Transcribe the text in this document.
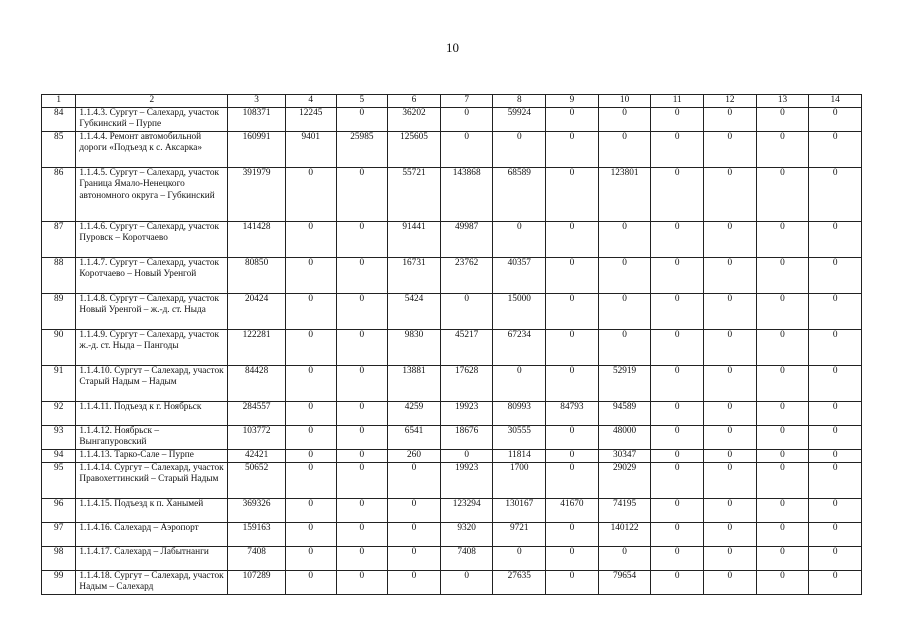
10
1	2	3	4	5	6	7	8	9	10	11	12	13	14
84	1.1.4.3. Сургут – Салехард, участок Губкинский – Пурпе	108371	12245	0	36202	0	59924	0	0	0	0	0	0
85	1.1.4.4. Ремонт автомобильной дороги «Подъезд к с. Аксарка»	160991	9401	25985	125605	0	0	0	0	0	0	0	0
86	1.1.4.5. Сургут – Салехард, участок Граница Ямало-Ненецкого автономного округа – Губкинский	391979	0	0	55721	143868	68589	0	123801	0	0	0	0
87	1.1.4.6. Сургут – Салехард, участок Пуровск – Коротчаево	141428	0	0	91441	49987	0	0	0	0	0	0	0
88	1.1.4.7. Сургут – Салехард, участок Коротчаево – Новый Уренгой	80850	0	0	16731	23762	40357	0	0	0	0	0	0
89	1.1.4.8. Сургут – Салехард, участок Новый Уренгой – ж.-д. ст. Ныда	20424	0	0	5424	0	15000	0	0	0	0	0	0
90	1.1.4.9. Сургут – Салехард, участок ж.-д. ст. Ныда – Пангоды	122281	0	0	9830	45217	67234	0	0	0	0	0	0
91	1.1.4.10. Сургут – Салехард, участок Старый Надым – Надым	84428	0	0	13881	17628	0	0	52919	0	0	0	0
92	1.1.4.11. Подъезд к г. Ноябрьск	284557	0	0	4259	19923	80993	84793	94589	0	0	0	0
93	1.1.4.12. Ноябрьск – Вынгапуровский	103772	0	0	6541	18676	30555	0	48000	0	0	0	0
94	1.1.4.13. Тарко-Сале – Пурпе	42421	0	0	260	0	11814	0	30347	0	0	0	0
95	1.1.4.14. Сургут – Салехард, участок Правохеттинский – Старый Надым	50652	0	0	0	19923	1700	0	29029	0	0	0	0
96	1.1.4.15. Подъезд к п. Ханымей	369326	0	0	0	123294	130167	41670	74195	0	0	0	0
97	1.1.4.16. Салехард – Аэропорт	159163	0	0	0	9320	9721	0	140122	0	0	0	0
98	1.1.4.17. Салехард – Лабытнанги	7408	0	0	0	7408	0	0	0	0	0	0	0
99	1.1.4.18. Сургут – Салехард, участок Надым – Салехард	107289	0	0	0	0	27635	0	79654	0	0	0	0
